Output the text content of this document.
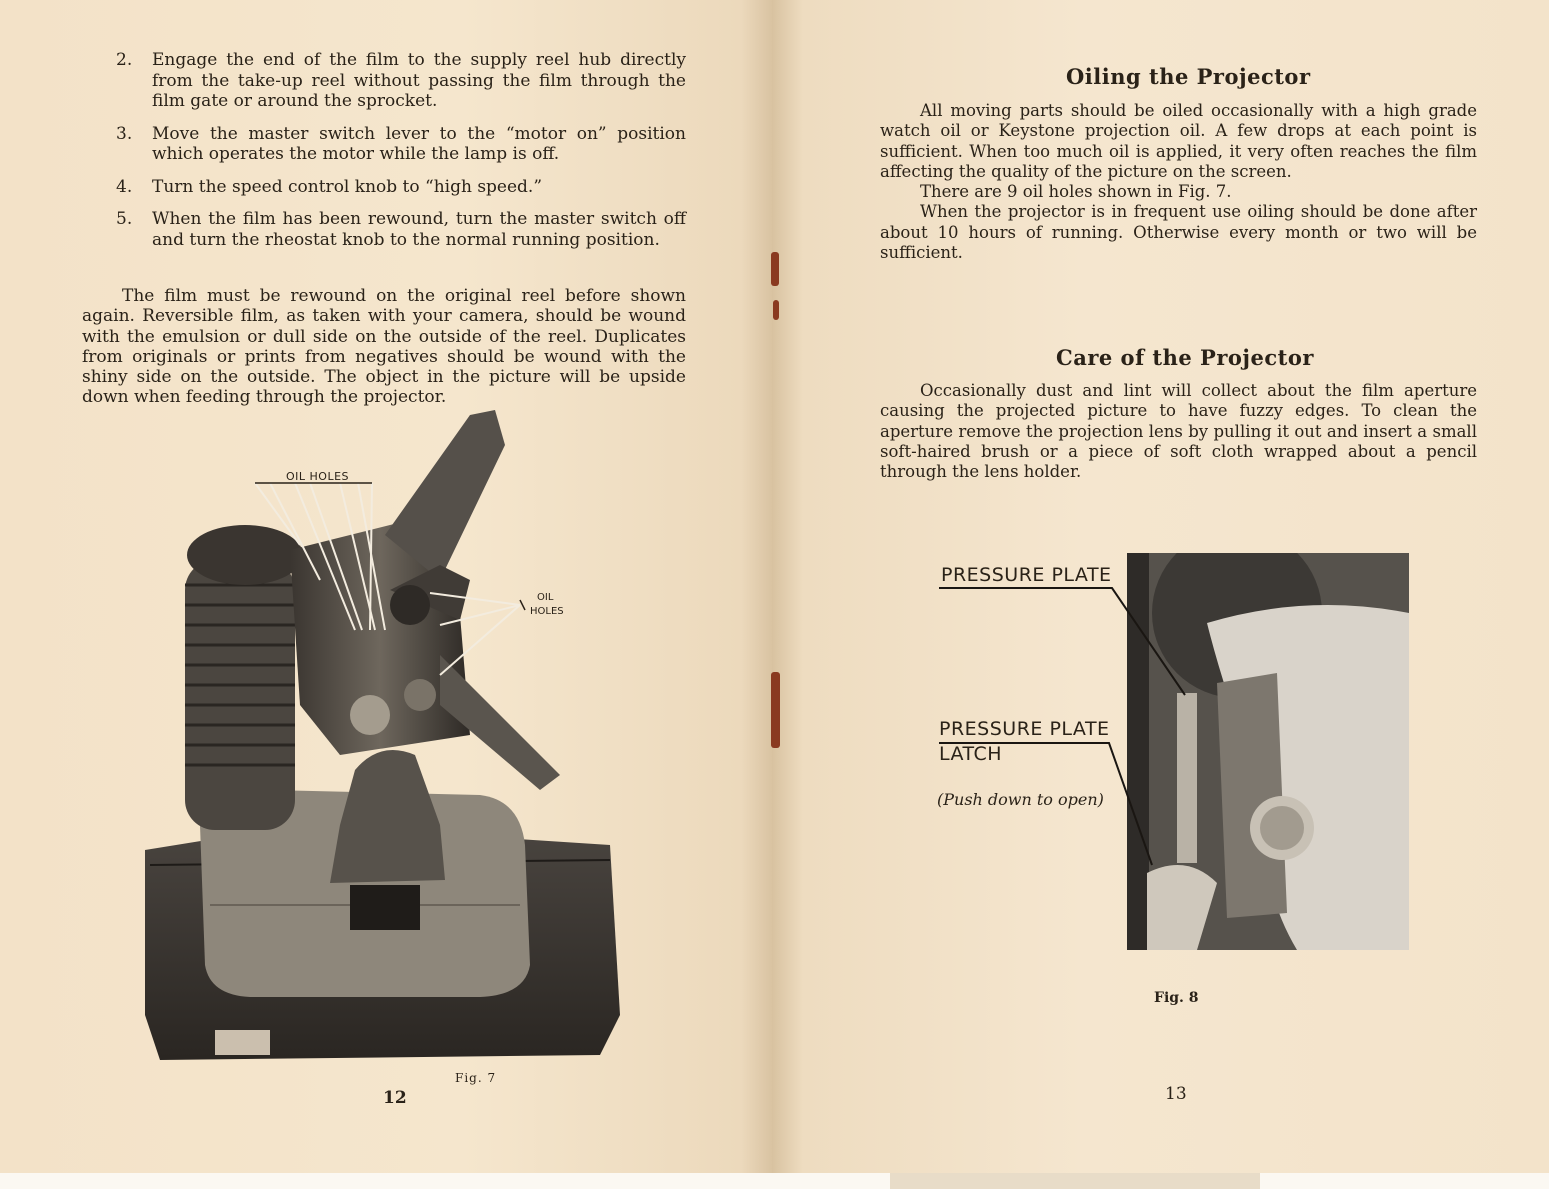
2.	Engage the end of the film to the supply reel hub directly from the take-up reel without passing the film through the film gate or around the sprocket.
3.	Move the master switch lever to the “motor on” position which operates the motor while the lamp is off.
4.	Turn the speed control knob to “high speed.”
5.	When the film has been rewound, turn the master switch off and turn the rheostat knob to the normal running position.

The film must be rewound on the original reel before shown again. Reversible film, as taken with your camera, should be wound with the emulsion or dull side on the outside of the reel. Duplicates from originals or prints from negatives should be wound with the shiny side on the outside. The object in the picture will be upside down when feeding through the projector.

OIL HOLES
OIL
HOLES
Fig. 7
12
Oiling the Projector

All moving parts should be oiled occasionally with a high grade watch oil or Keystone projection oil. A few drops at each point is sufficient. When too much oil is applied, it very often reaches the film affecting the quality of the picture on the screen.

There are 9 oil holes shown in Fig. 7.

When the projector is in frequent use oiling should be done after about 10 hours of running. Otherwise every month or two will be sufficient.

Care of the Projector

Occasionally dust and lint will collect about the film aperture causing the projected picture to have fuzzy edges. To clean the aperture remove the projection lens by pulling it out and insert a small soft-haired brush or a piece of soft cloth wrapped about a pencil through the lens holder.

PRESSURE PLATE
PRESSURE PLATE
LATCH
(Push down to open)
Fig. 8
13
